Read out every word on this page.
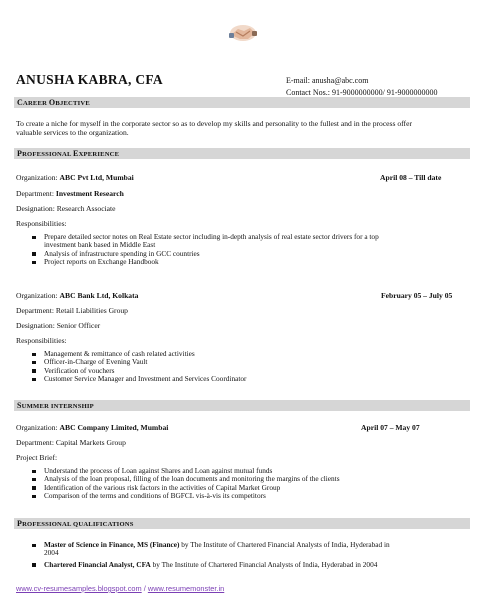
ANUSHA KABRA, CFA	E-mail: anusha@abc.com
Contact Nos.: 91-9000000000/ 91-9000000000
CAREER OBJECTIVE
To create a niche for myself in the corporate sector so as to develop my skills and personality to the fullest and in the process offer
valuable services to the organization.
PROFESSIONAL EXPERIENCE
Organization: ABC Pvt Ltd, Mumbai	April 08 – Till date
Department: Investment Research
Designation: Research Associate
Responsibilities:
Prepare detailed sector notes on Real Estate sector including in-depth analysis of real estate sector drivers for a top
investment bank based in Middle East
Analysis of infrastructure spending in GCC countries
Project reports on Exchange Handbook
Organization: ABC Bank Ltd, Kolkata	February 05 – July 05
Department: Retail Liabilities Group
Designation: Senior Officer
Responsibilities:
Management & remittance of cash related activities
Officer-in-Charge of Evening Vault
Verification of vouchers
Customer Service Manager and Investment and Services Coordinator
SUMMER INTERNSHIP
Organization: ABC Company Limited, Mumbai	April 07 – May 07
Department: Capital Markets Group
Project Brief:
Understand the process of Loan against Shares and Loan against mutual funds
Analysis of the loan proposal, filling of the loan documents and monitoring the margins of the clients
Identification of the various risk factors in the activities of Capital Market Group
Comparison of the terms and conditions of BGFCL vis-à-vis its competitors
PROFESSIONAL QUALIFICATIONS
Master of Science in Finance, MS (Finance) by The Institute of Chartered Financial Analysts of India, Hyderabad in
2004
Chartered Financial Analyst, CFA by The Institute of Chartered Financial Analysts of India, Hyderabad in 2004
www.cv-resumesamples.blogspot.com / www.resumemonster.in
